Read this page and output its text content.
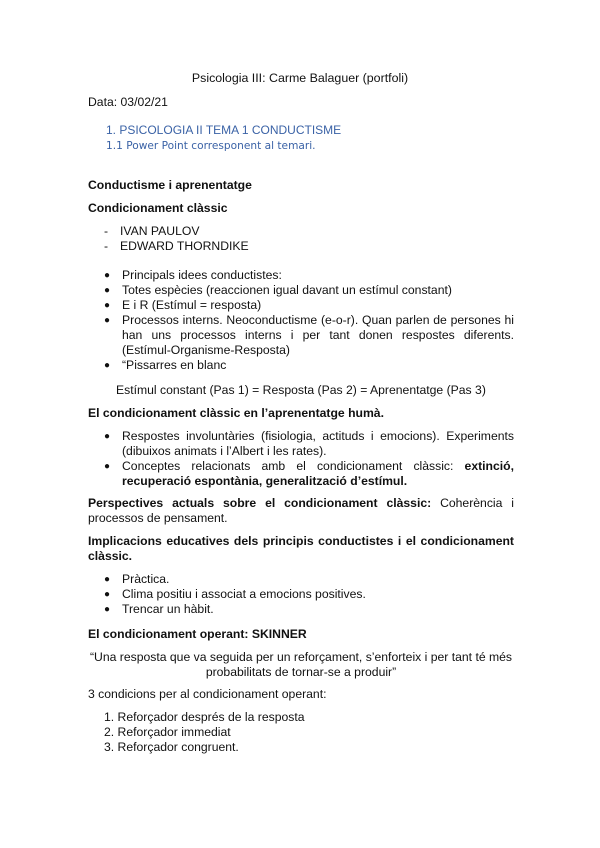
Psicologia III: Carme Balaguer (portfoli)
Data: 03/02/21
1. PSICOLOGIA II TEMA 1 CONDUCTISME
1.1 Power Point corresponent al temari.
Conductisme i aprenentatge
Condicionament clàssic
- IVAN PAULOV
- EDWARD THORNDIKE
● Principals idees conductistes:
● Totes espècies (reaccionen igual davant un estímul constant)
● E i R (Estímul = resposta)
● Processos interns. Neoconductisme (e-o-r). Quan parlen de persones hi han uns processos interns i per tant donen respostes diferents. (Estímul-Organisme-Resposta)
● “Pissarres en blanc
Estímul constant (Pas 1) = Resposta (Pas 2) = Aprenentatge (Pas 3)
El condicionament clàssic en l’aprenentatge humà.
● Respostes involuntàries (fisiologia, actituds i emocions). Experiments (dibuixos animats i l’Albert i les rates).
● Conceptes relacionats amb el condicionament clàssic: extinció, recuperació espontània, generalització d’estímul.
Perspectives actuals sobre el condicionament clàssic: Coherència i processos de pensament.
Implicacions educatives dels principis conductistes i el condicionament clàssic.
● Pràctica.
● Clima positiu i associat a emocions positives.
● Trencar un hàbit.
El condicionament operant: SKINNER
“Una resposta que va seguida per un reforçament, s’enforteix i per tant té més
probabilitats de tornar-se a produir”
3 condicions per al condicionament operant:
1. Reforçador després de la resposta
2. Reforçador immediat
3. Reforçador congruent.
